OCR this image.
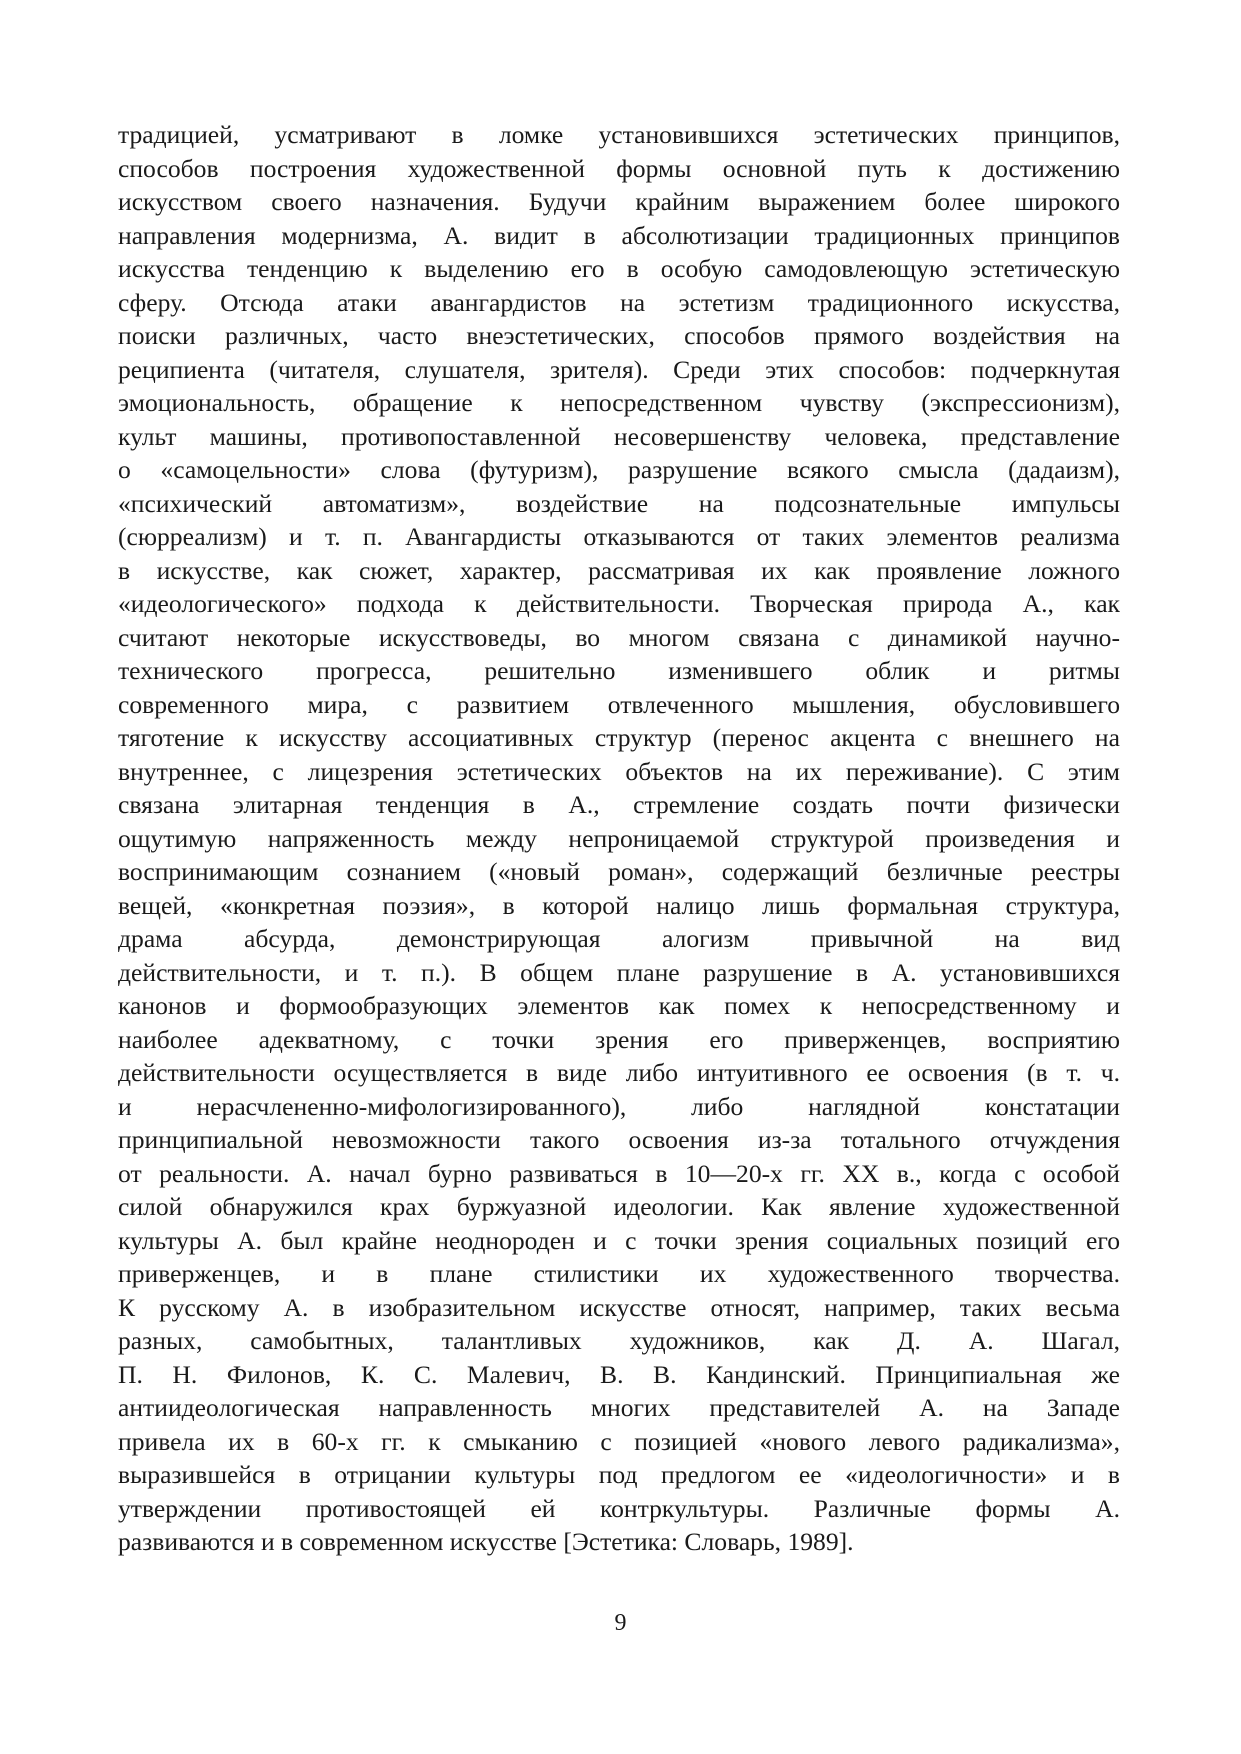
традицией, усматривают в ломке установившихся эстетических принципов,
способов построения художественной формы основной путь к достижению
искусством своего назначения. Будучи крайним выражением более широкого
направления модернизма, А. видит в абсолютизации традиционных принципов
искусства тенденцию к выделению его в особую самодовлеющую эстетическую
сферу. Отсюда атаки авангардистов на эстетизм традиционного искусства,
поиски различных, часто внеэстетических, способов прямого воздействия на
реципиента (читателя, слушателя, зрителя). Среди этих способов: подчеркнутая
эмоциональность, обращение к непосредственном чувству (экспрессионизм),
культ машины, противопоставленной несовершенству человека, представление
о «самоцельности» слова (футуризм), разрушение всякого смысла (дадаизм),
«психический автоматизм», воздействие на подсознательные импульсы
(сюрреализм) и т. п. Авангардисты отказываются от таких элементов реализма
в искусстве, как сюжет, характер, рассматривая их как проявление ложного
«идеологического» подхода к действительности. Творческая природа А., как
считают некоторые искусствоведы, во многом связана с динамикой научно-
технического прогресса, решительно изменившего облик и ритмы
современного мира, с развитием отвлеченного мышления, обусловившего
тяготение к искусству ассоциативных структур (перенос акцента с внешнего на
внутреннее, с лицезрения эстетических объектов на их переживание). С этим
связана элитарная тенденция в А., стремление создать почти физически
ощутимую напряженность между непроницаемой структурой произведения и
воспринимающим сознанием («новый роман», содержащий безличные реестры
вещей, «конкретная поэзия», в которой налицо лишь формальная структура,
драма абсурда, демонстрирующая алогизм привычной на вид
действительности, и т. п.). В общем плане разрушение в А. установившихся
канонов и формообразующих элементов как помех к непосредственному и
наиболее адекватному, с точки зрения его приверженцев, восприятию
действительности осуществляется в виде либо интуитивного ее освоения (в т. ч.
и нерасчлененно-мифологизированного), либо наглядной констатации
принципиальной невозможности такого освоения из-за тотального отчуждения
от реальности. А. начал бурно развиваться в 10—20-х гг. XX в., когда с особой
силой обнаружился крах буржуазной идеологии. Как явление художественной
культуры А. был крайне неоднороден и с точки зрения социальных позиций его
приверженцев, и в плане стилистики их художественного творчества.
К русскому А. в изобразительном искусстве относят, например, таких весьма
разных, самобытных, талантливых художников, как Д. А. Шагал,
П. Н. Филонов, К. С. Малевич, В. В. Кандинский. Принципиальная же
антиидеологическая направленность многих представителей А. на Западе
привела их в 60-х гг. к смыканию с позицией «нового левого радикализма»,
выразившейся в отрицании культуры под предлогом ее «идеологичности» и в
утверждении противостоящей ей контркультуры. Различные формы А.
развиваются и в современном искусстве [Эстетика: Словарь, 1989].
9
